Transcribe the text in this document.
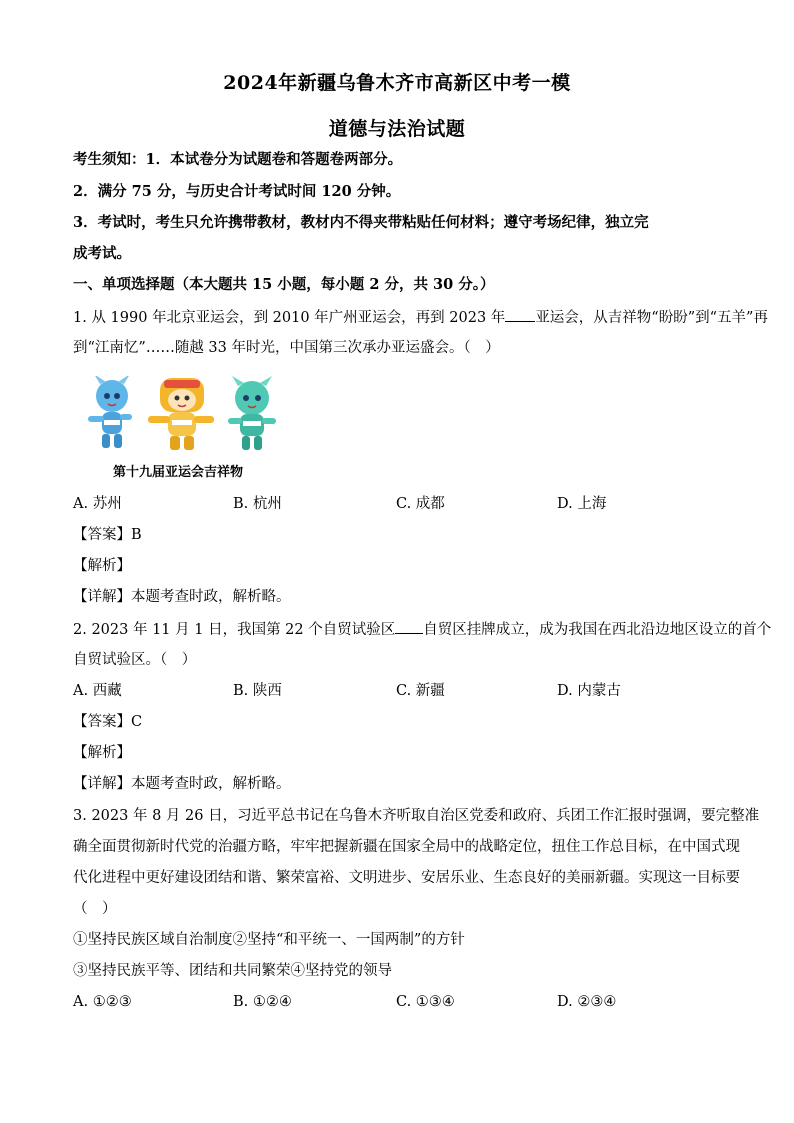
2024年新疆乌鲁木齐市高新区中考一模
道德与法治试题
考生须知：1．本试卷分为试题卷和答题卷两部分。
2．满分 75 分，与历史合计考试时间 120 分钟。
3．考试时，考生只允许携带教材，教材内不得夹带粘贴任何材料；遵守考场纪律，独立完
成考试。
一、单项选择题（本大题共 15 小题，每小题 2 分，共 30 分。）
1. 从 1990 年北京亚运会，到 2010 年广州亚运会，再到 2023 年 亚运会，从吉祥物“盼盼”到“五羊”再
到“江南忆”……随越 33 年时光，中国第三次承办亚运盛会。（　）
第十九届亚运会吉祥物
A. 苏州	B. 杭州	C. 成都	D. 上海
【答案】B
【解析】
【详解】本题考查时政，解析略。
2. 2023 年 11 月 1 日，我国第 22 个自贸试验区 自贸区挂牌成立，成为我国在西北沿边地区设立的首个
自贸试验区。（　）
A. 西藏	B. 陕西	C. 新疆	D. 内蒙古
【答案】C
【解析】
【详解】本题考查时政，解析略。
3. 2023 年 8 月 26 日，习近平总书记在乌鲁木齐听取自治区党委和政府、兵团工作汇报时强调，要完整准
确全面贯彻新时代党的治疆方略，牢牢把握新疆在国家全局中的战略定位，扭住工作总目标，在中国式现
代化进程中更好建设团结和谐、繁荣富裕、文明进步、安居乐业、生态良好的美丽新疆。实现这一目标要
（　）
①坚持民族区域自治制度②坚持“和平统一、一国两制”的方针
③坚持民族平等、团结和共同繁荣④坚持党的领导
A. ①②③	B. ①②④	C. ①③④	D. ②③④
